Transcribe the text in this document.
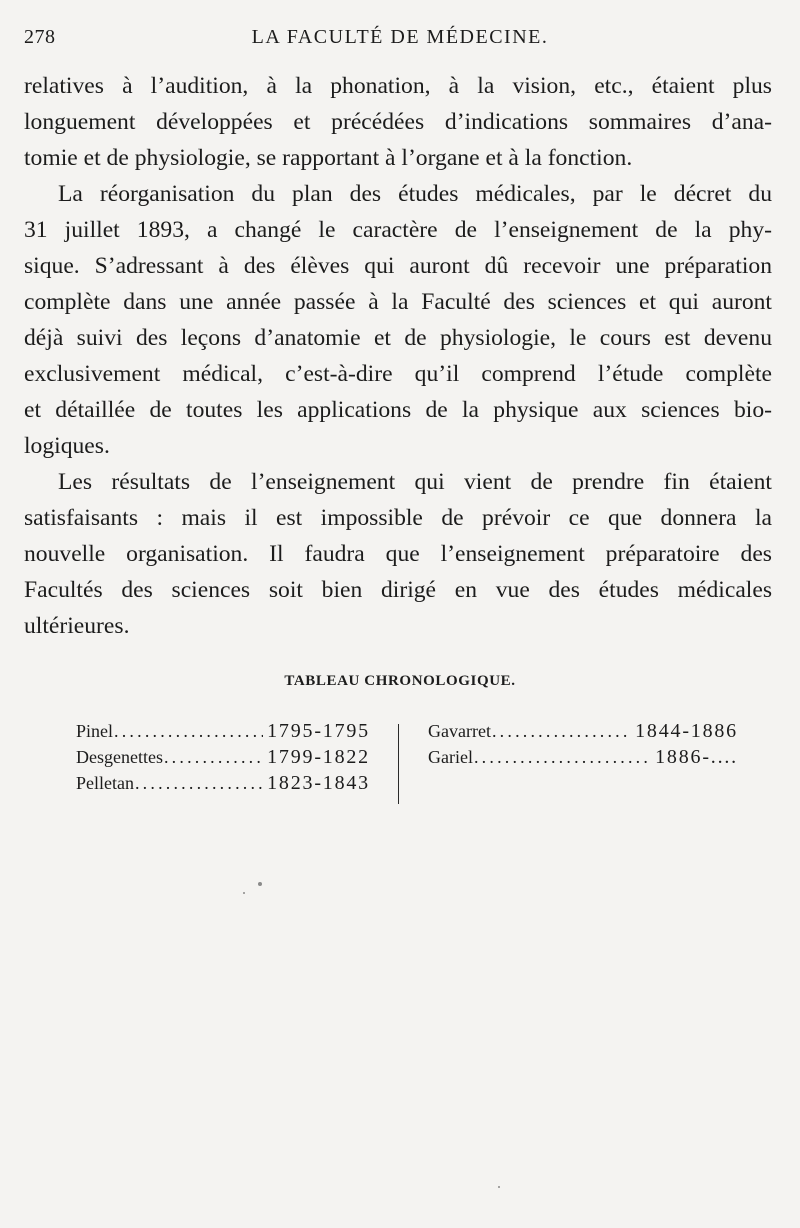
278	LA FACULTÉ DE MÉDECINE.
relatives à l’audition, à la phonation, à la vision, etc., étaient plus
longuement développées et précédées d’indications sommaires d’ana-
tomie et de physiologie, se rapportant à l’organe et à la fonction.
La réorganisation du plan des études médicales, par le décret du
31 juillet 1893, a changé le caractère de l’enseignement de la phy-
sique. S’adressant à des élèves qui auront dû recevoir une préparation
complète dans une année passée à la Faculté des sciences et qui auront
déjà suivi des leçons d’anatomie et de physiologie, le cours est devenu
exclusivement médical, c’est-à-dire qu’il comprend l’étude complète
et détaillée de toutes les applications de la physique aux sciences bio-
logiques.
Les résultats de l’enseignement qui vient de prendre fin étaient
satisfaisants : mais il est impossible de prévoir ce que donnera la
nouvelle organisation. Il faudra que l’enseignement préparatoire des
Facultés des sciences soit bien dirigé en vue des études médicales
ultérieures.
TABLEAU CHRONOLOGIQUE.
Pinel .....	1795-1795
Desgenettes .....	1799-1822
Pelletan .....	1823-1843
Gavarret .....	1844-1886
Gariel .....	1886-....
